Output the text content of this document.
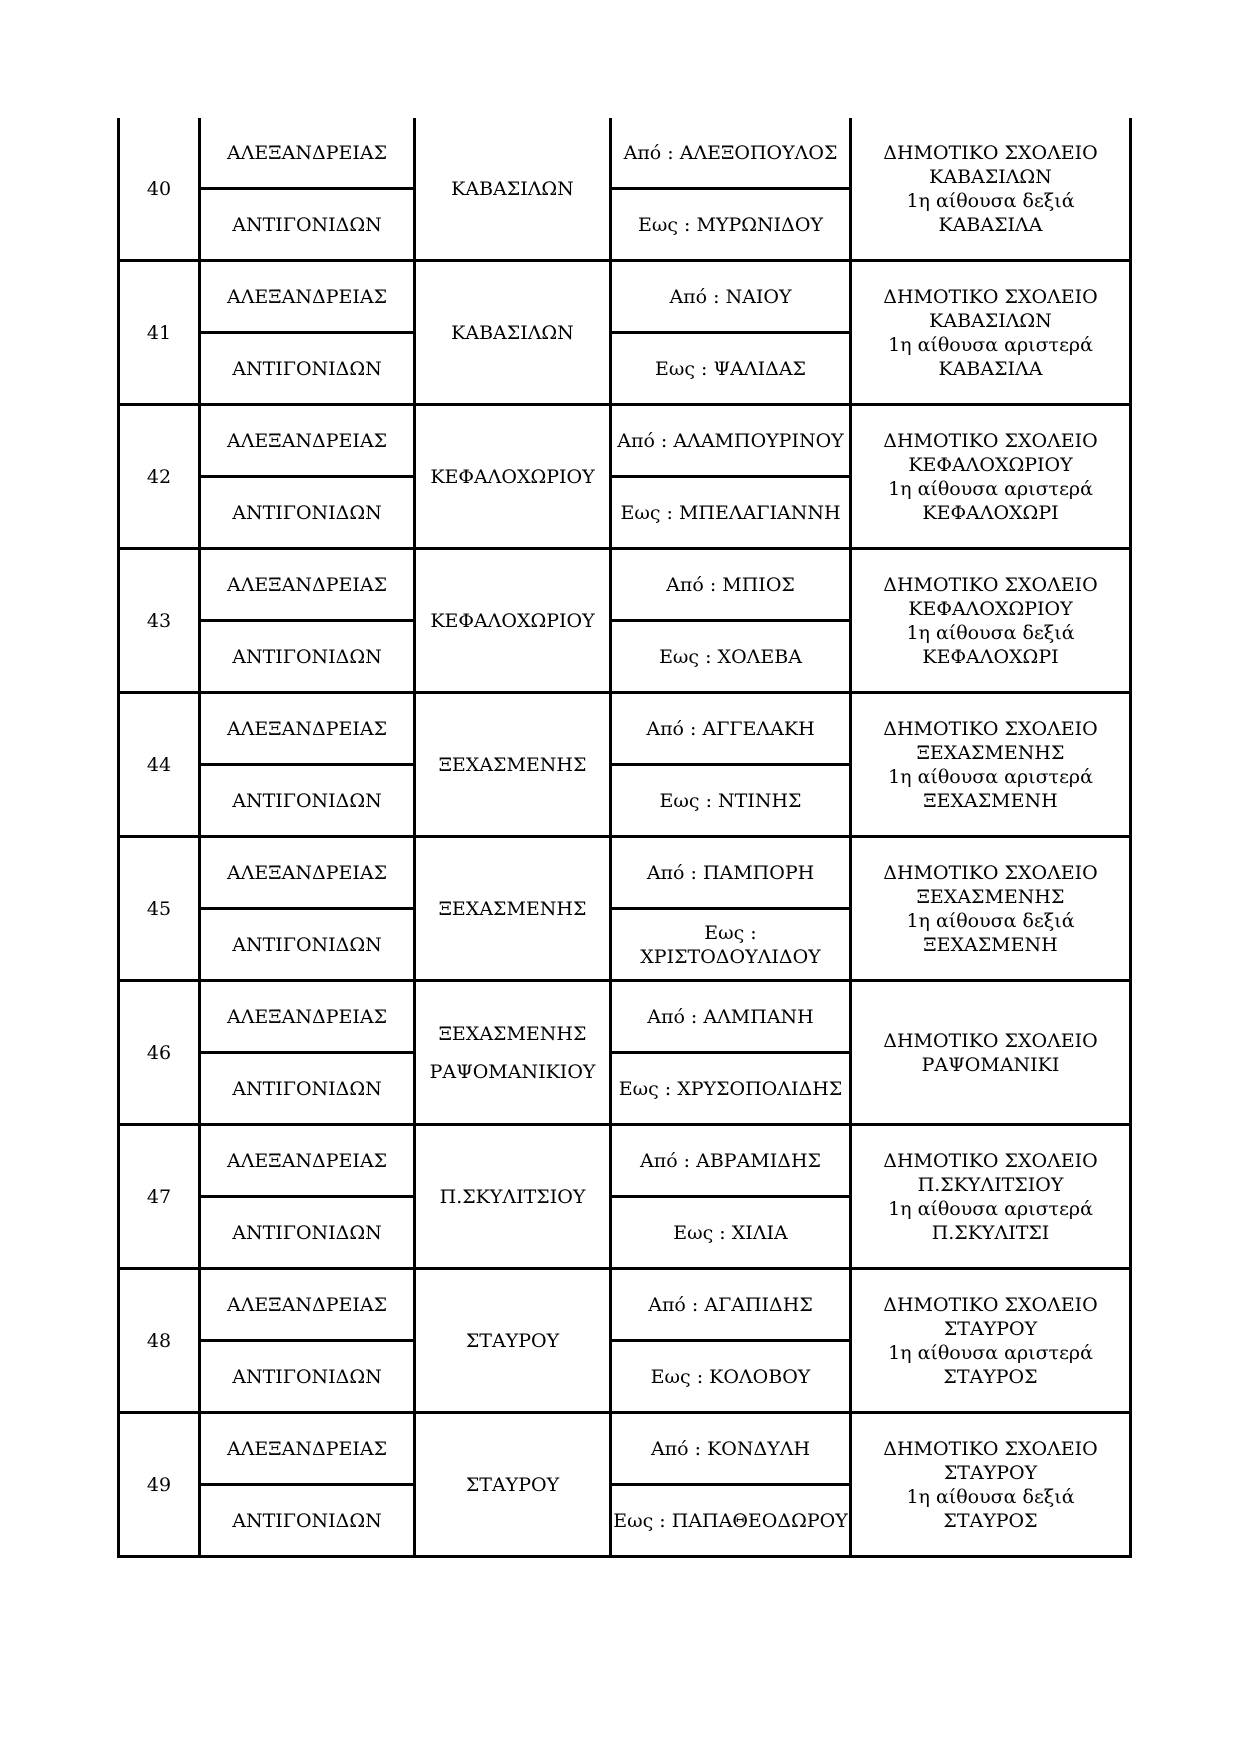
40	ΑΛΕΞΑΝΔΡΕΙΑΣ	ΚΑΒΑΣΙΛΩΝ	Από : ΑΛΕΞΟΠΟΥΛΟΣ	ΔΗΜΟΤΙΚΟ ΣΧΟΛΕΙΟ
ΚΑΒΑΣΙΛΩΝ
1η αίθουσα δεξιά
ΚΑΒΑΣΙΛΑ

	ΑΝΤΙΓΟΝΙΔΩΝ		Εως : ΜΥΡΩΝΙΔΟΥ	
41	ΑΛΕΞΑΝΔΡΕΙΑΣ	ΚΑΒΑΣΙΛΩΝ	Από : ΝΑΙΟΥ	ΔΗΜΟΤΙΚΟ ΣΧΟΛΕΙΟ
ΚΑΒΑΣΙΛΩΝ
1η αίθουσα αριστερά
ΚΑΒΑΣΙΛΑ

	ΑΝΤΙΓΟΝΙΔΩΝ		Εως : ΨΑΛΙΔΑΣ	
42	ΑΛΕΞΑΝΔΡΕΙΑΣ	ΚΕΦΑΛΟΧΩΡΙΟΥ	Από : ΑΛΑΜΠΟΥΡΙΝΟΥ	ΔΗΜΟΤΙΚΟ ΣΧΟΛΕΙΟ
ΚΕΦΑΛΟΧΩΡΙΟΥ
1η αίθουσα αριστερά
ΚΕΦΑΛΟΧΩΡΙ

	ΑΝΤΙΓΟΝΙΔΩΝ		Εως : ΜΠΕΛΑΓΙΑΝΝΗ	
43	ΑΛΕΞΑΝΔΡΕΙΑΣ	ΚΕΦΑΛΟΧΩΡΙΟΥ	Από : ΜΠΙΟΣ	ΔΗΜΟΤΙΚΟ ΣΧΟΛΕΙΟ
ΚΕΦΑΛΟΧΩΡΙΟΥ
1η αίθουσα δεξιά
ΚΕΦΑΛΟΧΩΡΙ

	ΑΝΤΙΓΟΝΙΔΩΝ		Εως : ΧΟΛΕΒΑ	
44	ΑΛΕΞΑΝΔΡΕΙΑΣ	ΞΕΧΑΣΜΕΝΗΣ	Από : ΑΓΓΕΛΑΚΗ	ΔΗΜΟΤΙΚΟ ΣΧΟΛΕΙΟ
ΞΕΧΑΣΜΕΝΗΣ
1η αίθουσα αριστερά
ΞΕΧΑΣΜΕΝΗ

	ΑΝΤΙΓΟΝΙΔΩΝ		Εως : ΝΤΙΝΗΣ	
45	ΑΛΕΞΑΝΔΡΕΙΑΣ	ΞΕΧΑΣΜΕΝΗΣ	Από : ΠΑΜΠΟΡΗ	ΔΗΜΟΤΙΚΟ ΣΧΟΛΕΙΟ
ΞΕΧΑΣΜΕΝΗΣ
1η αίθουσα δεξιά
ΞΕΧΑΣΜΕΝΗ

	ΑΝΤΙΓΟΝΙΔΩΝ		Εως : ΧΡΙΣΤΟΔΟΥΛΙΔΟΥ	
46	ΑΛΕΞΑΝΔΡΕΙΑΣ	ΞΕΧΑΣΜΕΝΗΣ
ΡΑΨΟΜΑΝΙΚΙΟΥ	Από : ΑΛΜΠΑΝΗ	ΔΗΜΟΤΙΚΟ ΣΧΟΛΕΙΟ
ΡΑΨΟΜΑΝΙΚΙ

	ΑΝΤΙΓΟΝΙΔΩΝ		Εως : ΧΡΥΣΟΠΟΛΙΔΗΣ	
47	ΑΛΕΞΑΝΔΡΕΙΑΣ	Π.ΣΚΥΛΙΤΣΙΟΥ	Από : ΑΒΡΑΜΙΔΗΣ	ΔΗΜΟΤΙΚΟ ΣΧΟΛΕΙΟ
Π.ΣΚΥΛΙΤΣΙΟΥ
1η αίθουσα αριστερά
Π.ΣΚΥΛΙΤΣΙ

	ΑΝΤΙΓΟΝΙΔΩΝ		Εως : ΧΙΛΙΑ	
48	ΑΛΕΞΑΝΔΡΕΙΑΣ	ΣΤΑΥΡΟΥ	Από : ΑΓΑΠΙΔΗΣ	ΔΗΜΟΤΙΚΟ ΣΧΟΛΕΙΟ
ΣΤΑΥΡΟΥ
1η αίθουσα αριστερά
ΣΤΑΥΡΟΣ

	ΑΝΤΙΓΟΝΙΔΩΝ		Εως : ΚΟΛΟΒΟΥ	
49	ΑΛΕΞΑΝΔΡΕΙΑΣ	ΣΤΑΥΡΟΥ	Από : ΚΟΝΔΥΛΗ	ΔΗΜΟΤΙΚΟ ΣΧΟΛΕΙΟ
ΣΤΑΥΡΟΥ
1η αίθουσα δεξιά
ΣΤΑΥΡΟΣ

	ΑΝΤΙΓΟΝΙΔΩΝ		Εως : ΠΑΠΑΘΕΟΔΩΡΟΥ	
